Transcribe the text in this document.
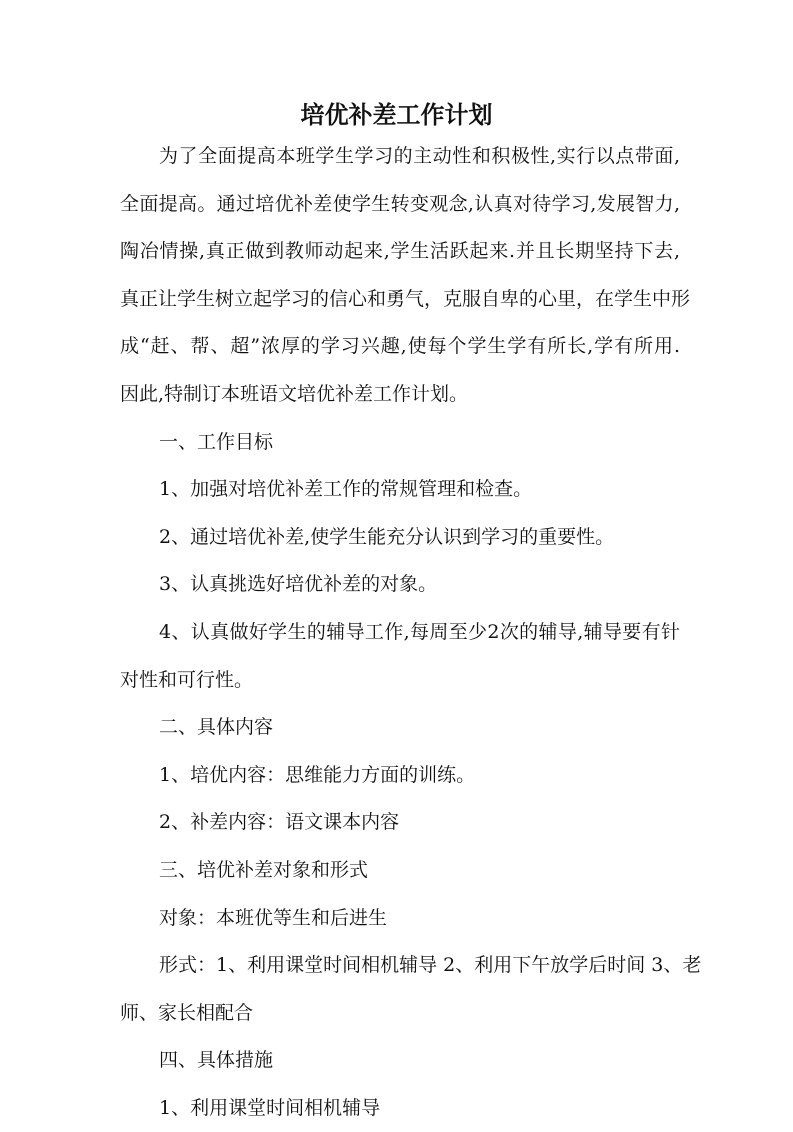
培优补差工作计划
为了全面提高本班学生学习的主动性和积极性,实行以点带面,
全面提高。通过培优补差使学生转变观念,认真对待学习,发展智力,
陶冶情操,真正做到教师动起来,学生活跃起来.并且长期坚持下去,
真正让学生树立起学习的信心和勇气，克服自卑的心里，在学生中形
成“赶、帮、超”浓厚的学习兴趣,使每个学生学有所长,学有所用.
因此,特制订本班语文培优补差工作计划。
一、工作目标
1、加强对培优补差工作的常规管理和检查。
2、通过培优补差,使学生能充分认识到学习的重要性。
3、认真挑选好培优补差的对象。
4、认真做好学生的辅导工作,每周至少2次的辅导,辅导要有针
对性和可行性。
二、具体内容
1、培优内容：思维能力方面的训练。
2、补差内容：语文课本内容
三、培优补差对象和形式
对象：本班优等生和后进生
形式：1、利用课堂时间相机辅导 2、利用下午放学后时间 3、老
师、家长相配合
四、具体措施
1、利用课堂时间相机辅导
